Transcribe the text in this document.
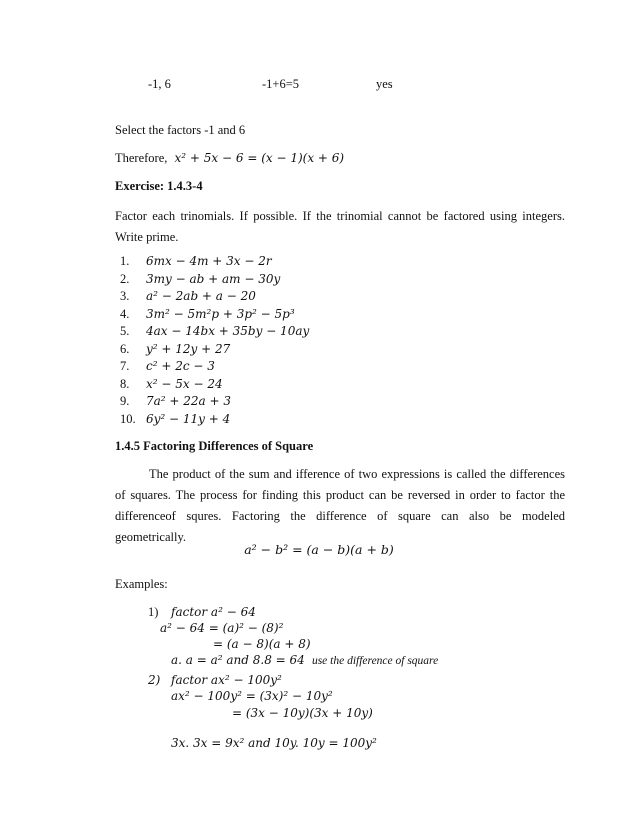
-1, 6	-1+6=5	yes
Select the factors -1 and 6
Therefore, x² + 5x − 6 = (x − 1)(x + 6)
Exercise: 1.4.3-4
Factor each trinomials. If possible. If the trinomial cannot be factored using integers. Write prime.
1. 6mx − 4m + 3x − 2r
2. 3my − ab + am − 30y
3. a² − 2ab + a − 20
4. 3m² − 5m²p + 3p² − 5p³
5. 4ax − 14bx + 35by − 10ay
6. y² + 12y + 27
7. c² + 2c − 3
8. x² − 5x − 24
9. 7a² + 22a + 3
10. 6y² − 11y + 4
1.4.5 Factoring Differences of Square
The product of the sum and ifference of two expressions is called the differences of squares. The process for finding this product can be reversed in order to factor the differenceof squres. Factoring the difference of square can also be modeled geometrically.
a² − b² = (a − b)(a + b)
Examples:
1) factor a² − 64
a² − 64 = (a)² − (8)²
= (a − 8)(a + 8)
a. a = a² and 8.8 = 64 use the difference of square
2) factor ax² − 100y²
ax² − 100y² = (3x)² − 10y²
= (3x − 10y)(3x + 10y)
3x. 3x = 9x² and 10y. 10y = 100y²
